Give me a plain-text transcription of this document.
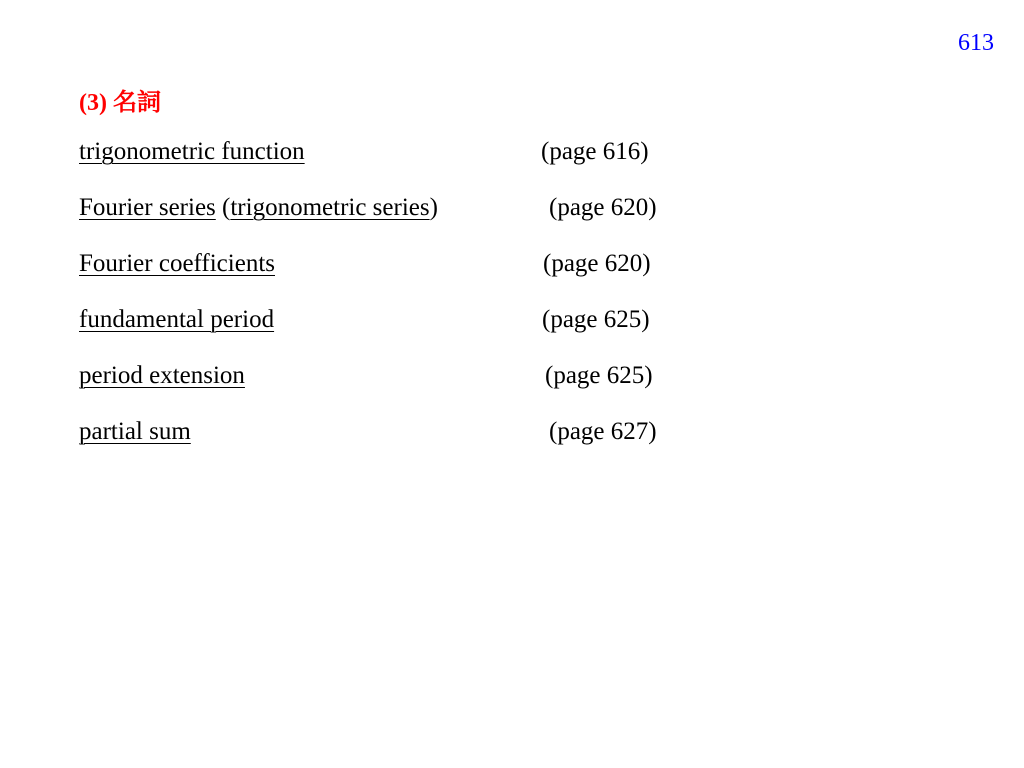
613
(3) 名詞
trigonometric function	(page 616)
Fourier series (trigonometric series)	(page 620)
Fourier coefficients	(page 620)
fundamental period	(page 625)
period extension	(page 625)
partial sum	(page 627)
